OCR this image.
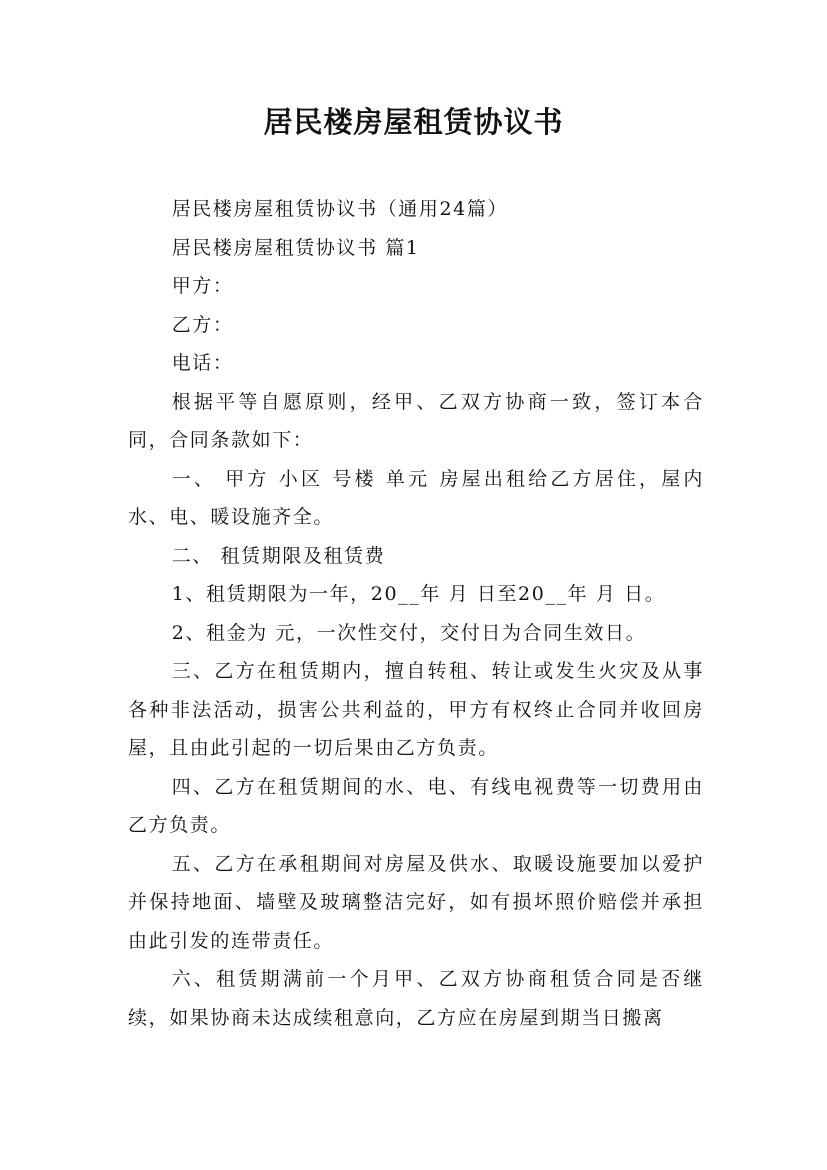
居民楼房屋租赁协议书

居民楼房屋租赁协议书（通用24篇）

居民楼房屋租赁协议书 篇1

甲方：

乙方：

电话：

根据平等自愿原则，经甲、乙双方协商一致，签订本合同，合同条款如下：

一、 甲方 小区 号楼 单元 房屋出租给乙方居住，屋内水、电、暖设施齐全。

二、 租赁期限及租赁费

1、租赁期限为一年，20__年 月 日至20__年 月 日。

2、租金为 元，一次性交付，交付日为合同生效日。

三、乙方在租赁期内，擅自转租、转让或发生火灾及从事各种非法活动，损害公共利益的，甲方有权终止合同并收回房屋，且由此引起的一切后果由乙方负责。

四、乙方在租赁期间的水、电、有线电视费等一切费用由乙方负责。

五、乙方在承租期间对房屋及供水、取暖设施要加以爱护并保持地面、墙壁及玻璃整洁完好，如有损坏照价赔偿并承担由此引发的连带责任。

六、租赁期满前一个月甲、乙双方协商租赁合同是否继续，如果协商未达成续租意向，乙方应在房屋到期当日搬离
